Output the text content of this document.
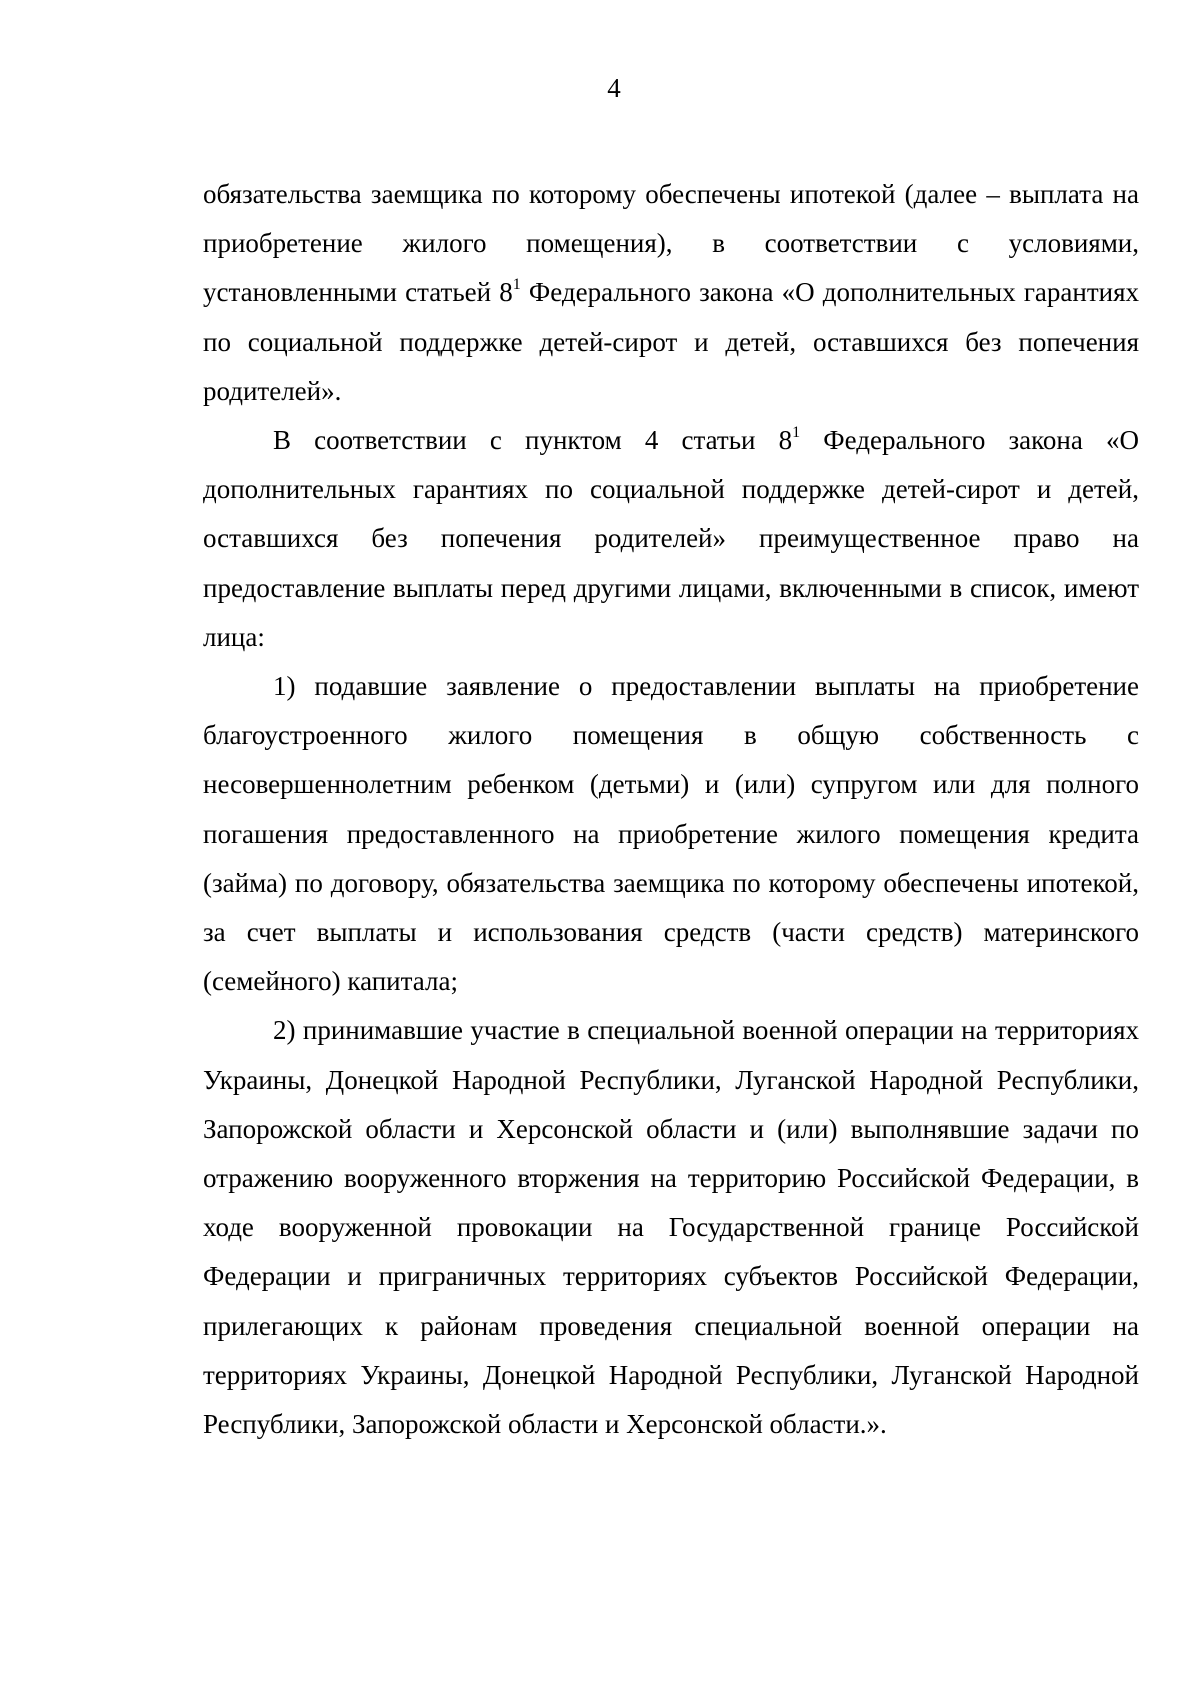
4

обязательства заемщика по которому обеспечены ипотекой (далее – выплата на приобретение жилого помещения), в соответствии с условиями, установленными статьей $8^1$ Федерального закона «О дополнительных гарантиях по социальной поддержке детей-сирот и детей, оставшихся без попечения родителей».

В соответствии с пунктом 4 статьи $8^1$ Федерального закона «О дополнительных гарантиях по социальной поддержке детей-сирот и детей, оставшихся без попечения родителей» преимущественное право на предоставление выплаты перед другими лицами, включенными в список, имеют лица:

1) подавшие заявление о предоставлении выплаты на приобретение благоустроенного жилого помещения в общую собственность с несовершеннолетним ребенком (детьми) и (или) супругом или для полного погашения предоставленного на приобретение жилого помещения кредита (займа) по договору, обязательства заемщика по которому обеспечены ипотекой, за счет выплаты и использования средств (части средств) материнского (семейного) капитала;

2) принимавшие участие в специальной военной операции на территориях Украины, Донецкой Народной Республики, Луганской Народной Республики, Запорожской области и Херсонской области и (или) выполнявшие задачи по отражению вооруженного вторжения на территорию Российской Федерации, в ходе вооруженной провокации на Государственной границе Российской Федерации и приграничных территориях субъектов Российской Федерации, прилегающих к районам проведения специальной военной операции на территориях Украины, Донецкой Народной Республики, Луганской Народной Республики, Запорожской области и Херсонской области.».
